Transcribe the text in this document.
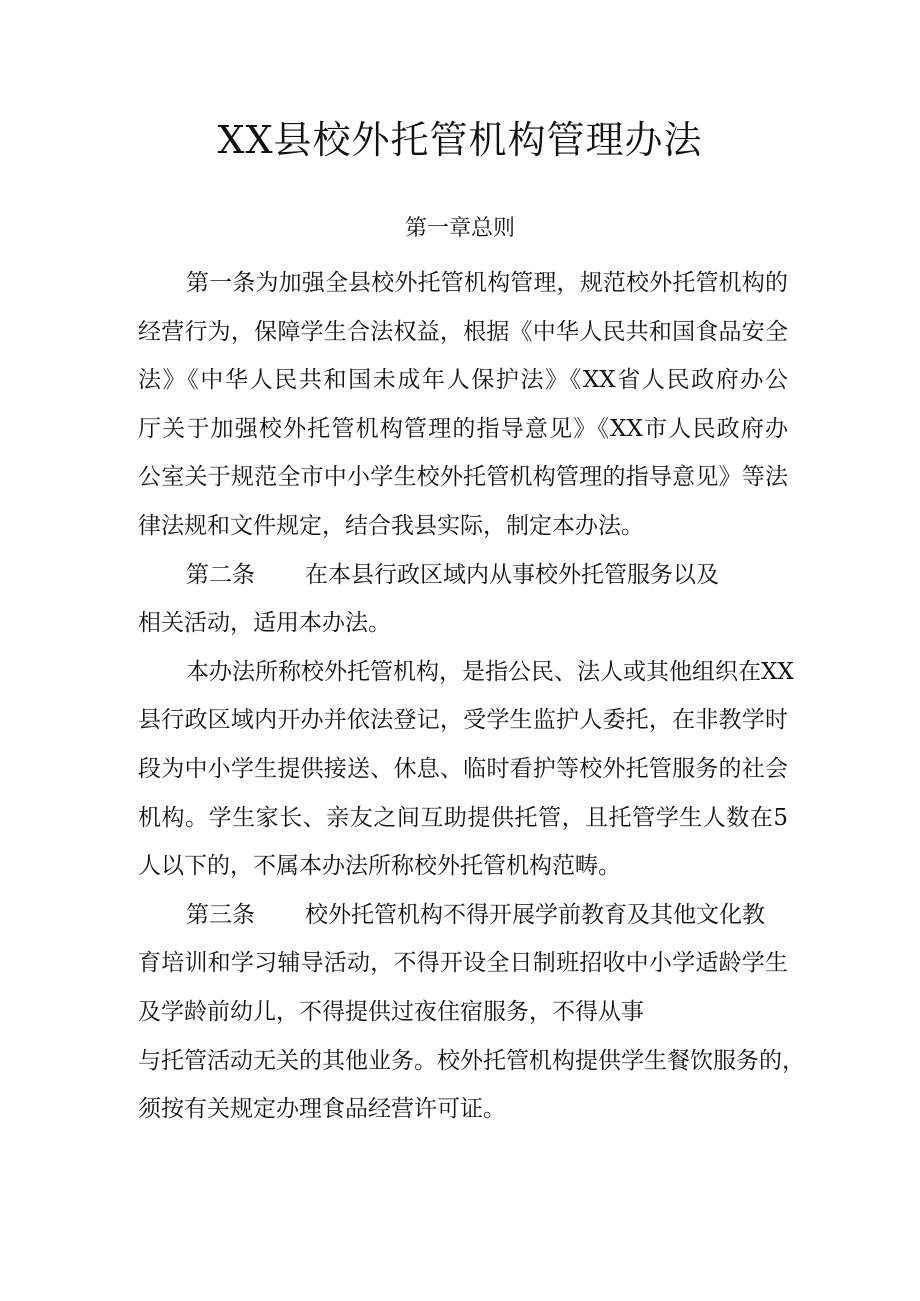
XX县校外托管机构管理办法
第一章总则
第一条为加强全县校外托管机构管理，规范校外托管机构的
经营行为，保障学生合法权益，根据《中华人民共和国食品安全
法》《中华人民共和国未成年人保护法》《XX省人民政府办公
厅关于加强校外托管机构管理的指导意见》《XX市人民政府办
公室关于规范全市中小学生校外托管机构管理的指导意见》等法
律法规和文件规定，结合我县实际，制定本办法。
第二条 在本县行政区域内从事校外托管服务以及
相关活动，适用本办法。
本办法所称校外托管机构，是指公民、法人或其他组织在XX
县行政区域内开办并依法登记，受学生监护人委托，在非教学时
段为中小学生提供接送、休息、临时看护等校外托管服务的社会
机构。学生家长、亲友之间互助提供托管，且托管学生人数在5
人以下的，不属本办法所称校外托管机构范畴。
第三条 校外托管机构不得开展学前教育及其他文化教
育培训和学习辅导活动，不得开设全日制班招收中小学适龄学生
及学龄前幼儿，不得提供过夜住宿服务，不得从事
与托管活动无关的其他业务。校外托管机构提供学生餐饮服务的，
须按有关规定办理食品经营许可证。
